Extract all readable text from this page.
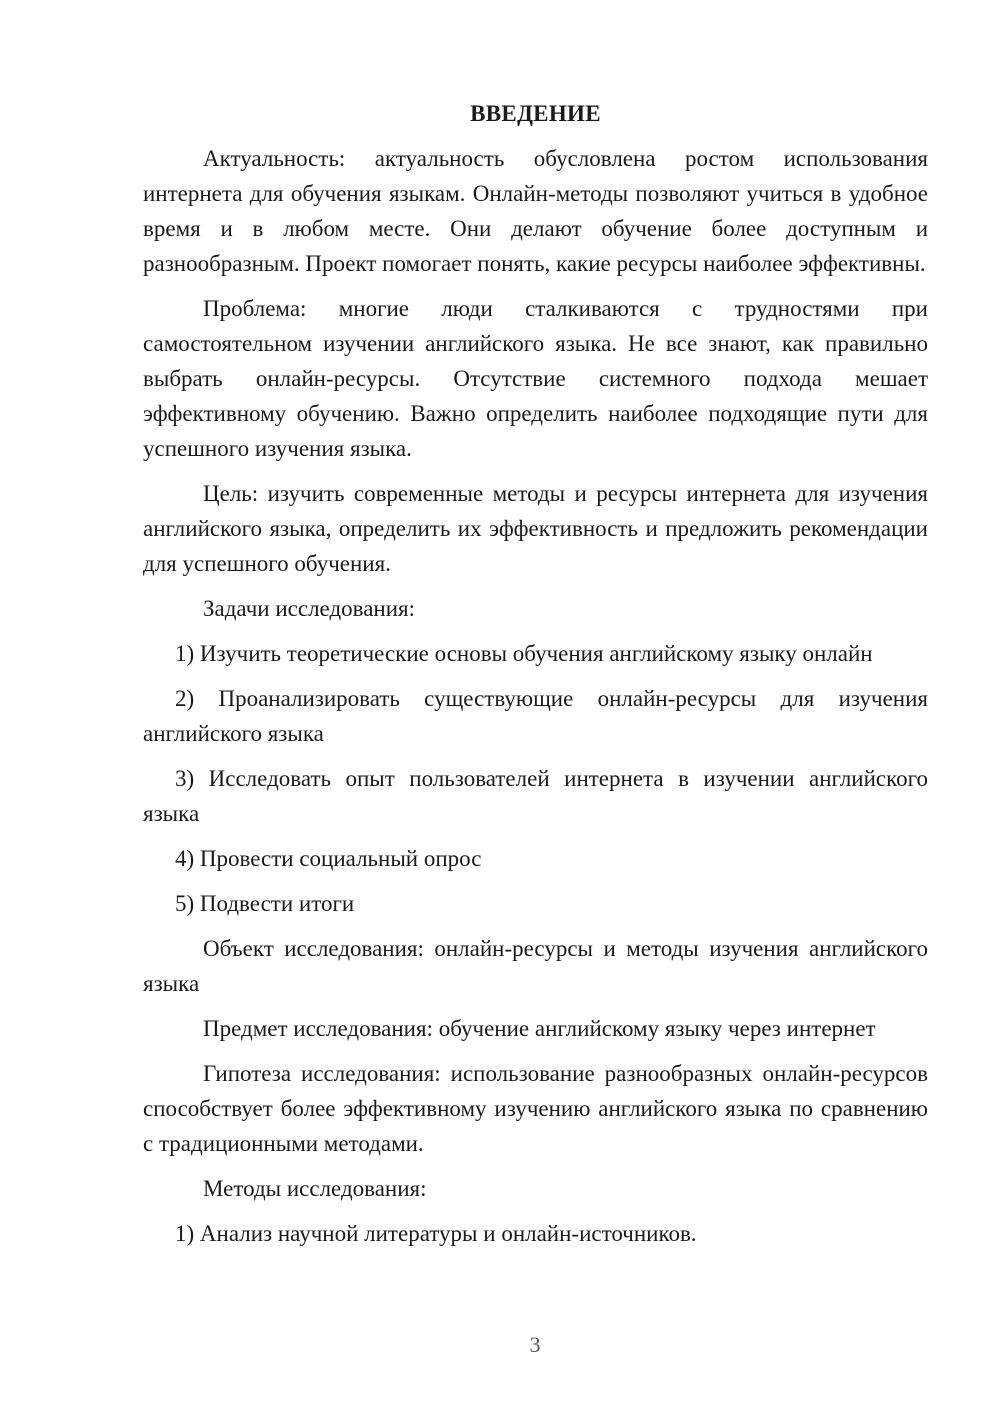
ВВЕДЕНИЕ

Актуальность: актуальность обусловлена ростом использования интернета для обучения языкам. Онлайн-методы позволяют учиться в удобное время и в любом месте. Они делают обучение более доступным и разнообразным. Проект помогает понять, какие ресурсы наиболее эффективны.

Проблема: многие люди сталкиваются с трудностями при самостоятельном изучении английского языка. Не все знают, как правильно выбрать онлайн-ресурсы. Отсутствие системного подхода мешает эффективному обучению. Важно определить наиболее подходящие пути для успешного изучения языка.

Цель: изучить современные методы и ресурсы интернета для изучения английского языка, определить их эффективность и предложить рекомендации для успешного обучения.

Задачи исследования:

1) Изучить теоретические основы обучения английскому языку онлайн

2) Проанализировать существующие онлайн-ресурсы для изучения английского языка

3) Исследовать опыт пользователей интернета в изучении английского языка

4) Провести социальный опрос

5) Подвести итоги

Объект исследования: онлайн-ресурсы и методы изучения английского языка

Предмет исследования: обучение английскому языку через интернет

Гипотеза исследования: использование разнообразных онлайн-ресурсов способствует более эффективному изучению английского языка по сравнению с традиционными методами.

Методы исследования:

1) Анализ научной литературы и онлайн-источников.

3
